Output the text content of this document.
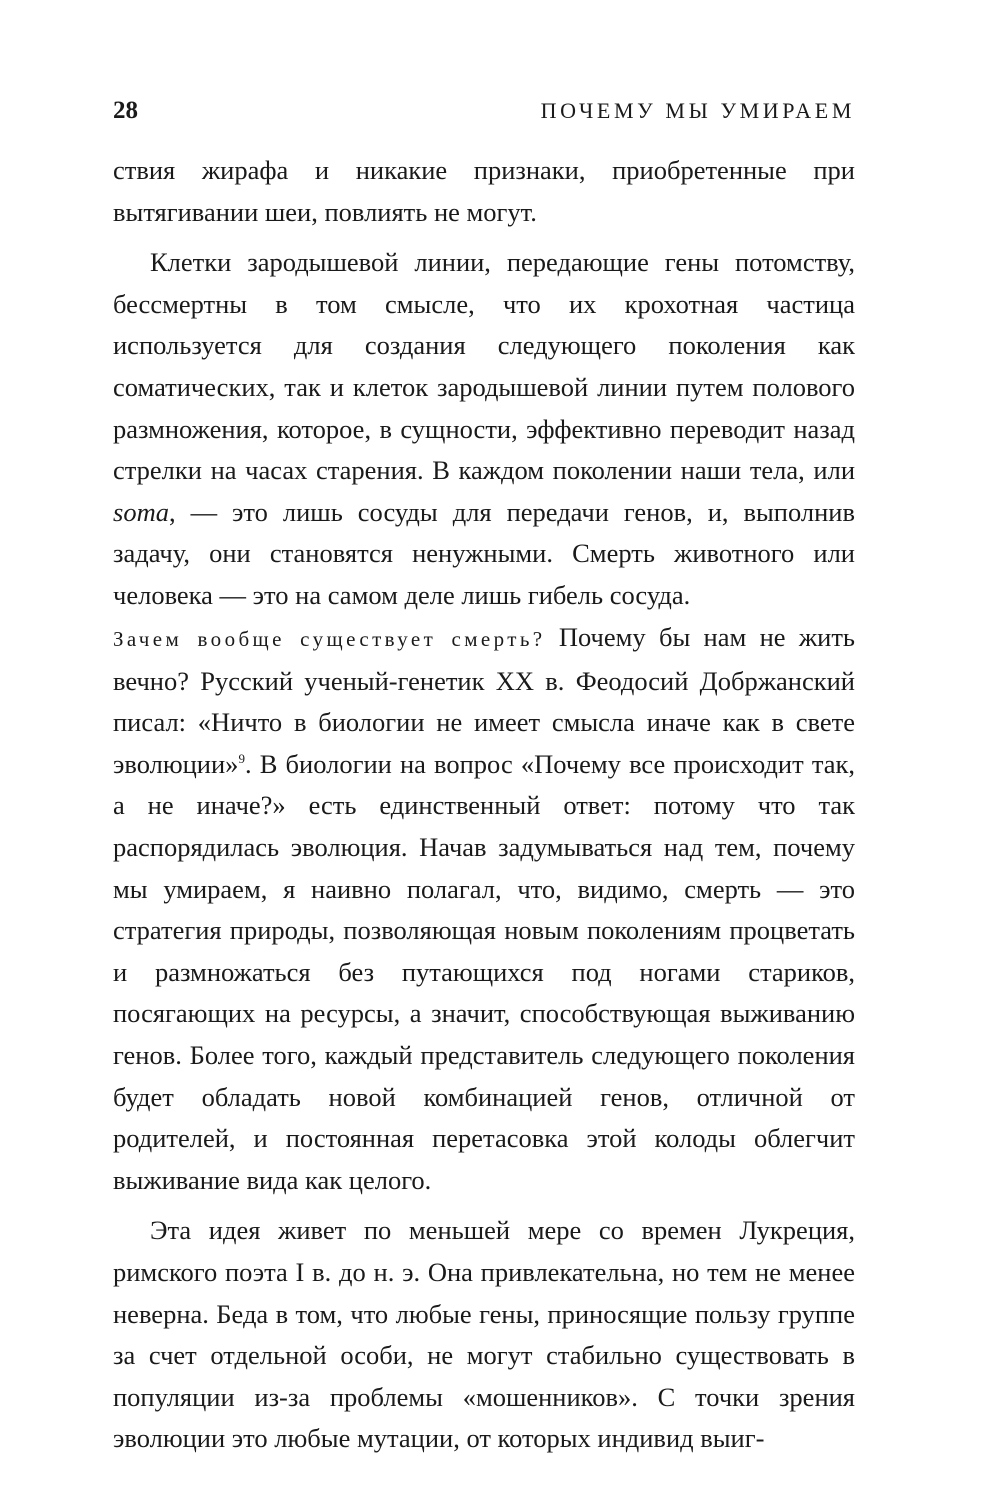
28	ПОЧЕМУ МЫ УМИРАЕМ

ствия жирафа и никакие признаки, приобретенные при вытягивании шеи, повлиять не могут.

Клетки зародышевой линии, передающие гены потомству, бессмертны в том смысле, что их крохотная частица используется для создания следующего поколения как соматических, так и клеток зародышевой линии путем полового размножения, которое, в сущности, эффективно переводит назад стрелки на часах старения. В каждом поколении наши тела, или soma, — это лишь сосуды для передачи генов, и, выполнив задачу, они становятся ненужными. Смерть животного или человека — это на самом деле лишь гибель сосуда.

Зачем вообще существует смерть? Почему бы нам не жить вечно? Русский ученый-генетик XX в. Феодосий Добржанский писал: «Ничто в биологии не имеет смысла иначе как в свете эволюции»$^9$. В биологии на вопрос «Почему все происходит так, а не иначе?» есть единственный ответ: потому что так распорядилась эволюция. Начав задумываться над тем, почему мы умираем, я наивно полагал, что, видимо, смерть — это стратегия природы, позволяющая новым поколениям процветать и размножаться без путающихся под ногами стариков, посягающих на ресурсы, а значит, способствующая выживанию генов. Более того, каждый представитель следующего поколения будет обладать новой комбинацией генов, отличной от родителей, и постоянная перетасовка этой колоды облегчит выживание вида как целого.

Эта идея живет по меньшей мере со времен Лукреция, римского поэта I в. до н. э. Она привлекательна, но тем не менее неверна. Беда в том, что любые гены, приносящие пользу группе за счет отдельной особи, не могут стабильно существовать в популяции из-за проблемы «мошенников». С точки зрения эволюции это любые мутации, от которых индивид выиг-
